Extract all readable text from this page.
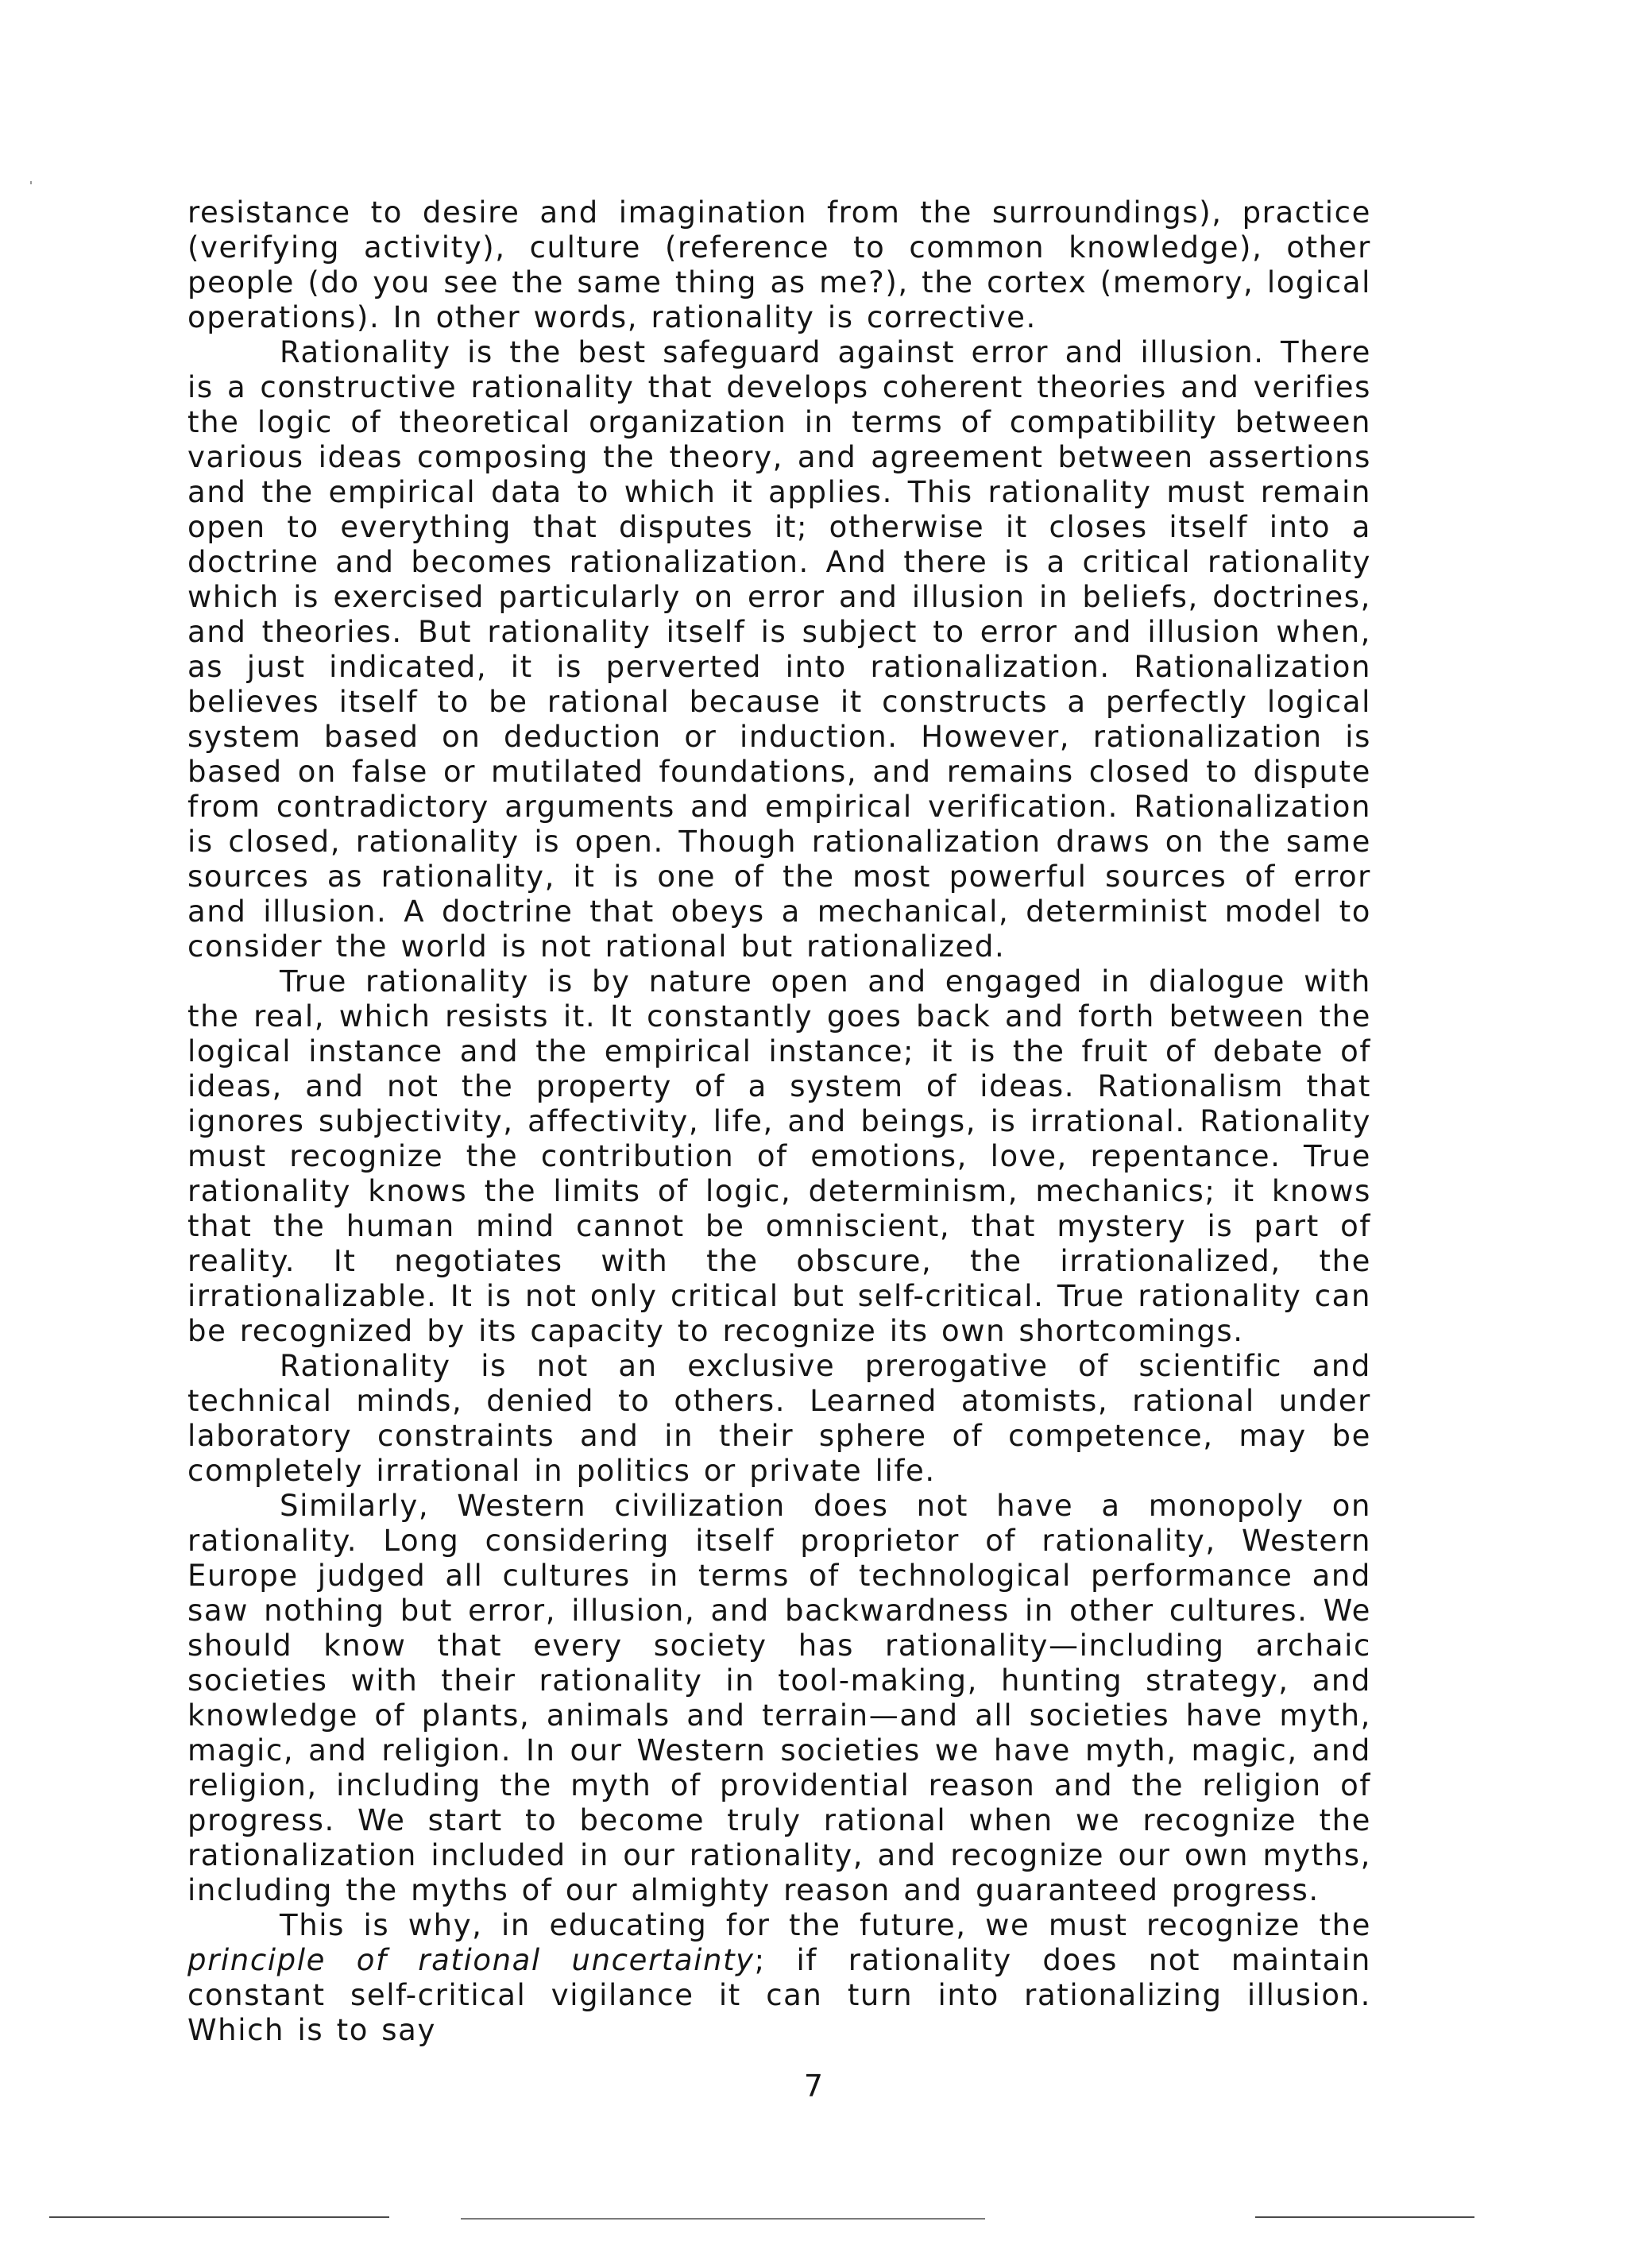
resistance to desire and imagination from the surroundings), practice (verifying activity), culture (reference to common knowledge), other people (do you see the same thing as me?), the cortex (memory, logical operations). In other words, rationality is corrective.

Rationality is the best safeguard against error and illusion. There is a constructive rationality that develops coherent theories and verifies the logic of theoretical organization in terms of compatibility between various ideas composing the theory, and agreement between assertions and the empirical data to which it applies. This rationality must remain open to everything that disputes it; otherwise it closes itself into a doctrine and becomes rationalization. And there is a critical rationality which is exercised particularly on error and illusion in beliefs, doctrines, and theories. But rationality itself is subject to error and illusion when, as just indicated, it is perverted into rationalization. Rationalization believes itself to be rational because it constructs a perfectly logical system based on deduction or induction. However, rationalization is based on false or mutilated foundations, and remains closed to dispute from contradictory arguments and empirical verification. Rationalization is closed, rationality is open. Though rationalization draws on the same sources as rationality, it is one of the most powerful sources of error and illusion. A doctrine that obeys a mechanical, determinist model to consider the world is not rational but rationalized.

True rationality is by nature open and engaged in dialogue with the real, which resists it. It constantly goes back and forth between the logical instance and the empirical instance; it is the fruit of debate of ideas, and not the property of a system of ideas. Rationalism that ignores subjectivity, affectivity, life, and beings, is irrational. Rationality must recognize the contribution of emotions, love, repentance. True rationality knows the limits of logic, determinism, mechanics; it knows that the human mind cannot be omniscient, that mystery is part of reality. It negotiates with the obscure, the irrationalized, the irrationalizable. It is not only critical but self-critical. True rationality can be recognized by its capacity to recognize its own shortcomings.

Rationality is not an exclusive prerogative of scientific and technical minds, denied to others. Learned atomists, rational under laboratory constraints and in their sphere of competence, may be completely irrational in politics or private life.

Similarly, Western civilization does not have a monopoly on rationality. Long considering itself proprietor of rationality, Western Europe judged all cultures in terms of technological performance and saw nothing but error, illusion, and backwardness in other cultures. We should know that every society has rationality—including archaic societies with their rationality in tool-making, hunting strategy, and knowledge of plants, animals and terrain—and all societies have myth, magic, and religion. In our Western societies we have myth, magic, and religion, including the myth of providential reason and the religion of progress. We start to become truly rational when we recognize the rationalization included in our rationality, and recognize our own myths, including the myths of our almighty reason and guaranteed progress.

This is why, in educating for the future, we must recognize the principle of rational uncertainty; if rationality does not maintain constant self-critical vigilance it can turn into rationalizing illusion. Which is to say

7
